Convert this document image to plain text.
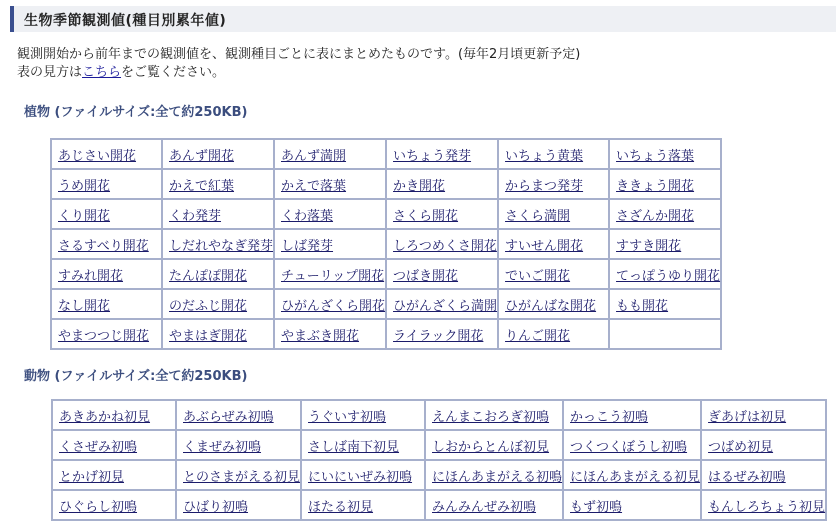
生物季節観測値(種目別累年値)
観測開始から前年までの観測値を、観測種目ごとに表にまとめたものです。(毎年2月頃更新予定)
表の見方はこちらをご覧ください。
植物 (ファイルサイズ:全て約250KB)
あじさい開花	あんず開花	あんず満開	いちょう発芽	いちょう黄葉	いちょう落葉
うめ開花	かえで紅葉	かえで落葉	かき開花	からまつ発芽	ききょう開花
くり開花	くわ発芽	くわ落葉	さくら開花	さくら満開	さざんか開花
さるすべり開花	しだれやなぎ発芽	しば発芽	しろつめくさ開花	すいせん開花	すすき開花
すみれ開花	たんぽぽ開花	チューリップ開花	つばき開花	でいご開花	てっぽうゆり開花
なし開花	のだふじ開花	ひがんざくら開花	ひがんざくら満開	ひがんばな開花	もも開花
やまつつじ開花	やまはぎ開花	やまぶき開花	ライラック開花	りんご開花	
動物 (ファイルサイズ:全て約250KB)
あきあかね初見	あぶらぜみ初鳴	うぐいす初鳴	えんまこおろぎ初鳴	かっこう初鳴	ぎあげは初見
くさぜみ初鳴	くまぜみ初鳴	さしば南下初見	しおからとんぼ初見	つくつくぼうし初鳴	つばめ初見
とかげ初見	とのさまがえる初見	にいにいぜみ初鳴	にほんあまがえる初鳴	にほんあまがえる初見	はるぜみ初鳴
ひぐらし初鳴	ひばり初鳴	ほたる初見	みんみんぜみ初鳴	もず初鳴	もんしろちょう初見
